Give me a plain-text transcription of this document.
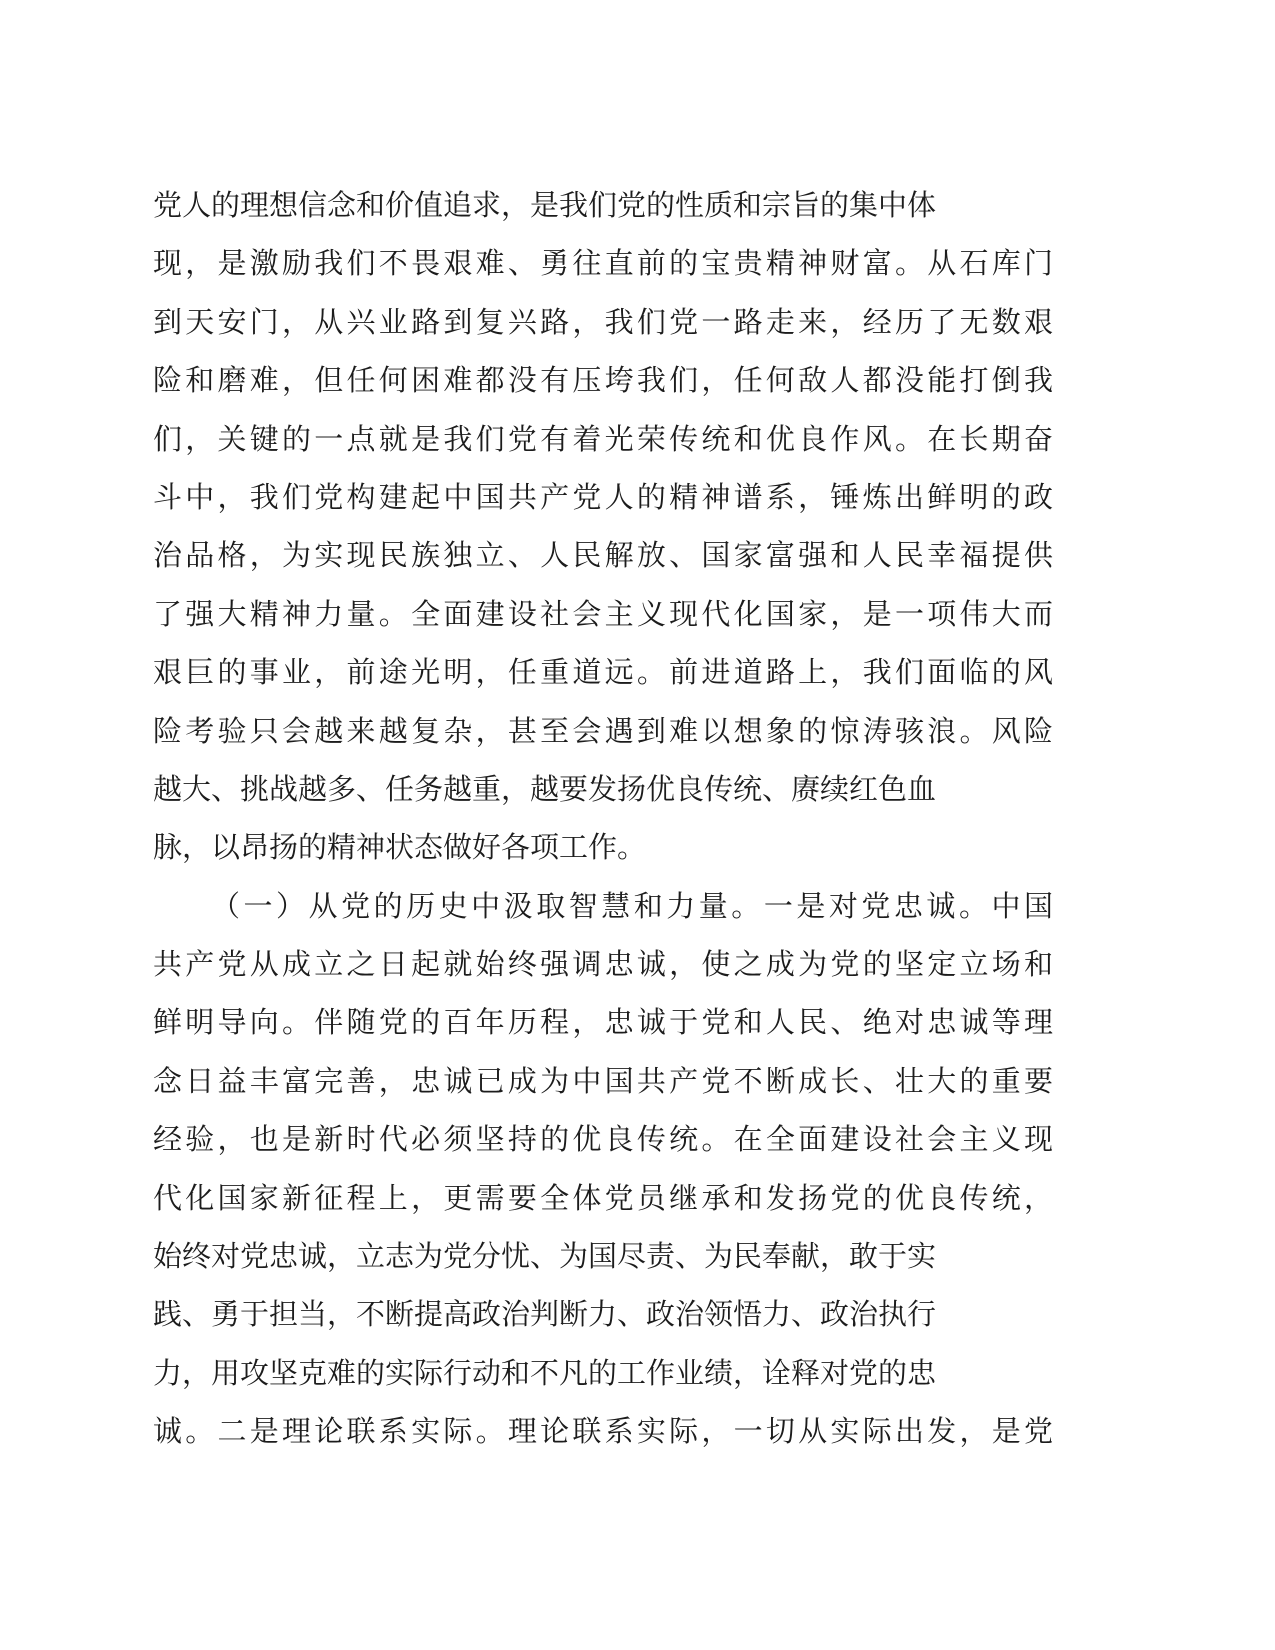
党人的理想信念和价值追求，是我们党的性质和宗旨的集中体
现，是激励我们不畏艰难、勇往直前的宝贵精神财富。从石库门
到天安门，从兴业路到复兴路，我们党一路走来，经历了无数艰
险和磨难，但任何困难都没有压垮我们，任何敌人都没能打倒我
们，关键的一点就是我们党有着光荣传统和优良作风。在长期奋
斗中，我们党构建起中国共产党人的精神谱系，锤炼出鲜明的政
治品格，为实现民族独立、人民解放、国家富强和人民幸福提供
了强大精神力量。全面建设社会主义现代化国家，是一项伟大而
艰巨的事业，前途光明，任重道远。前进道路上，我们面临的风
险考验只会越来越复杂，甚至会遇到难以想象的惊涛骇浪。风险
越大、挑战越多、任务越重，越要发扬优良传统、赓续红色血
脉，以昂扬的精神状态做好各项工作。
（一）从党的历史中汲取智慧和力量。一是对党忠诚。中国
共产党从成立之日起就始终强调忠诚，使之成为党的坚定立场和
鲜明导向。伴随党的百年历程，忠诚于党和人民、绝对忠诚等理
念日益丰富完善，忠诚已成为中国共产党不断成长、壮大的重要
经验，也是新时代必须坚持的优良传统。在全面建设社会主义现
代化国家新征程上，更需要全体党员继承和发扬党的优良传统，
始终对党忠诚，立志为党分忧、为国尽责、为民奉献，敢于实
践、勇于担当，不断提高政治判断力、政治领悟力、政治执行
力，用攻坚克难的实际行动和不凡的工作业绩，诠释对党的忠
诚。二是理论联系实际。理论联系实际，一切从实际出发，是党
